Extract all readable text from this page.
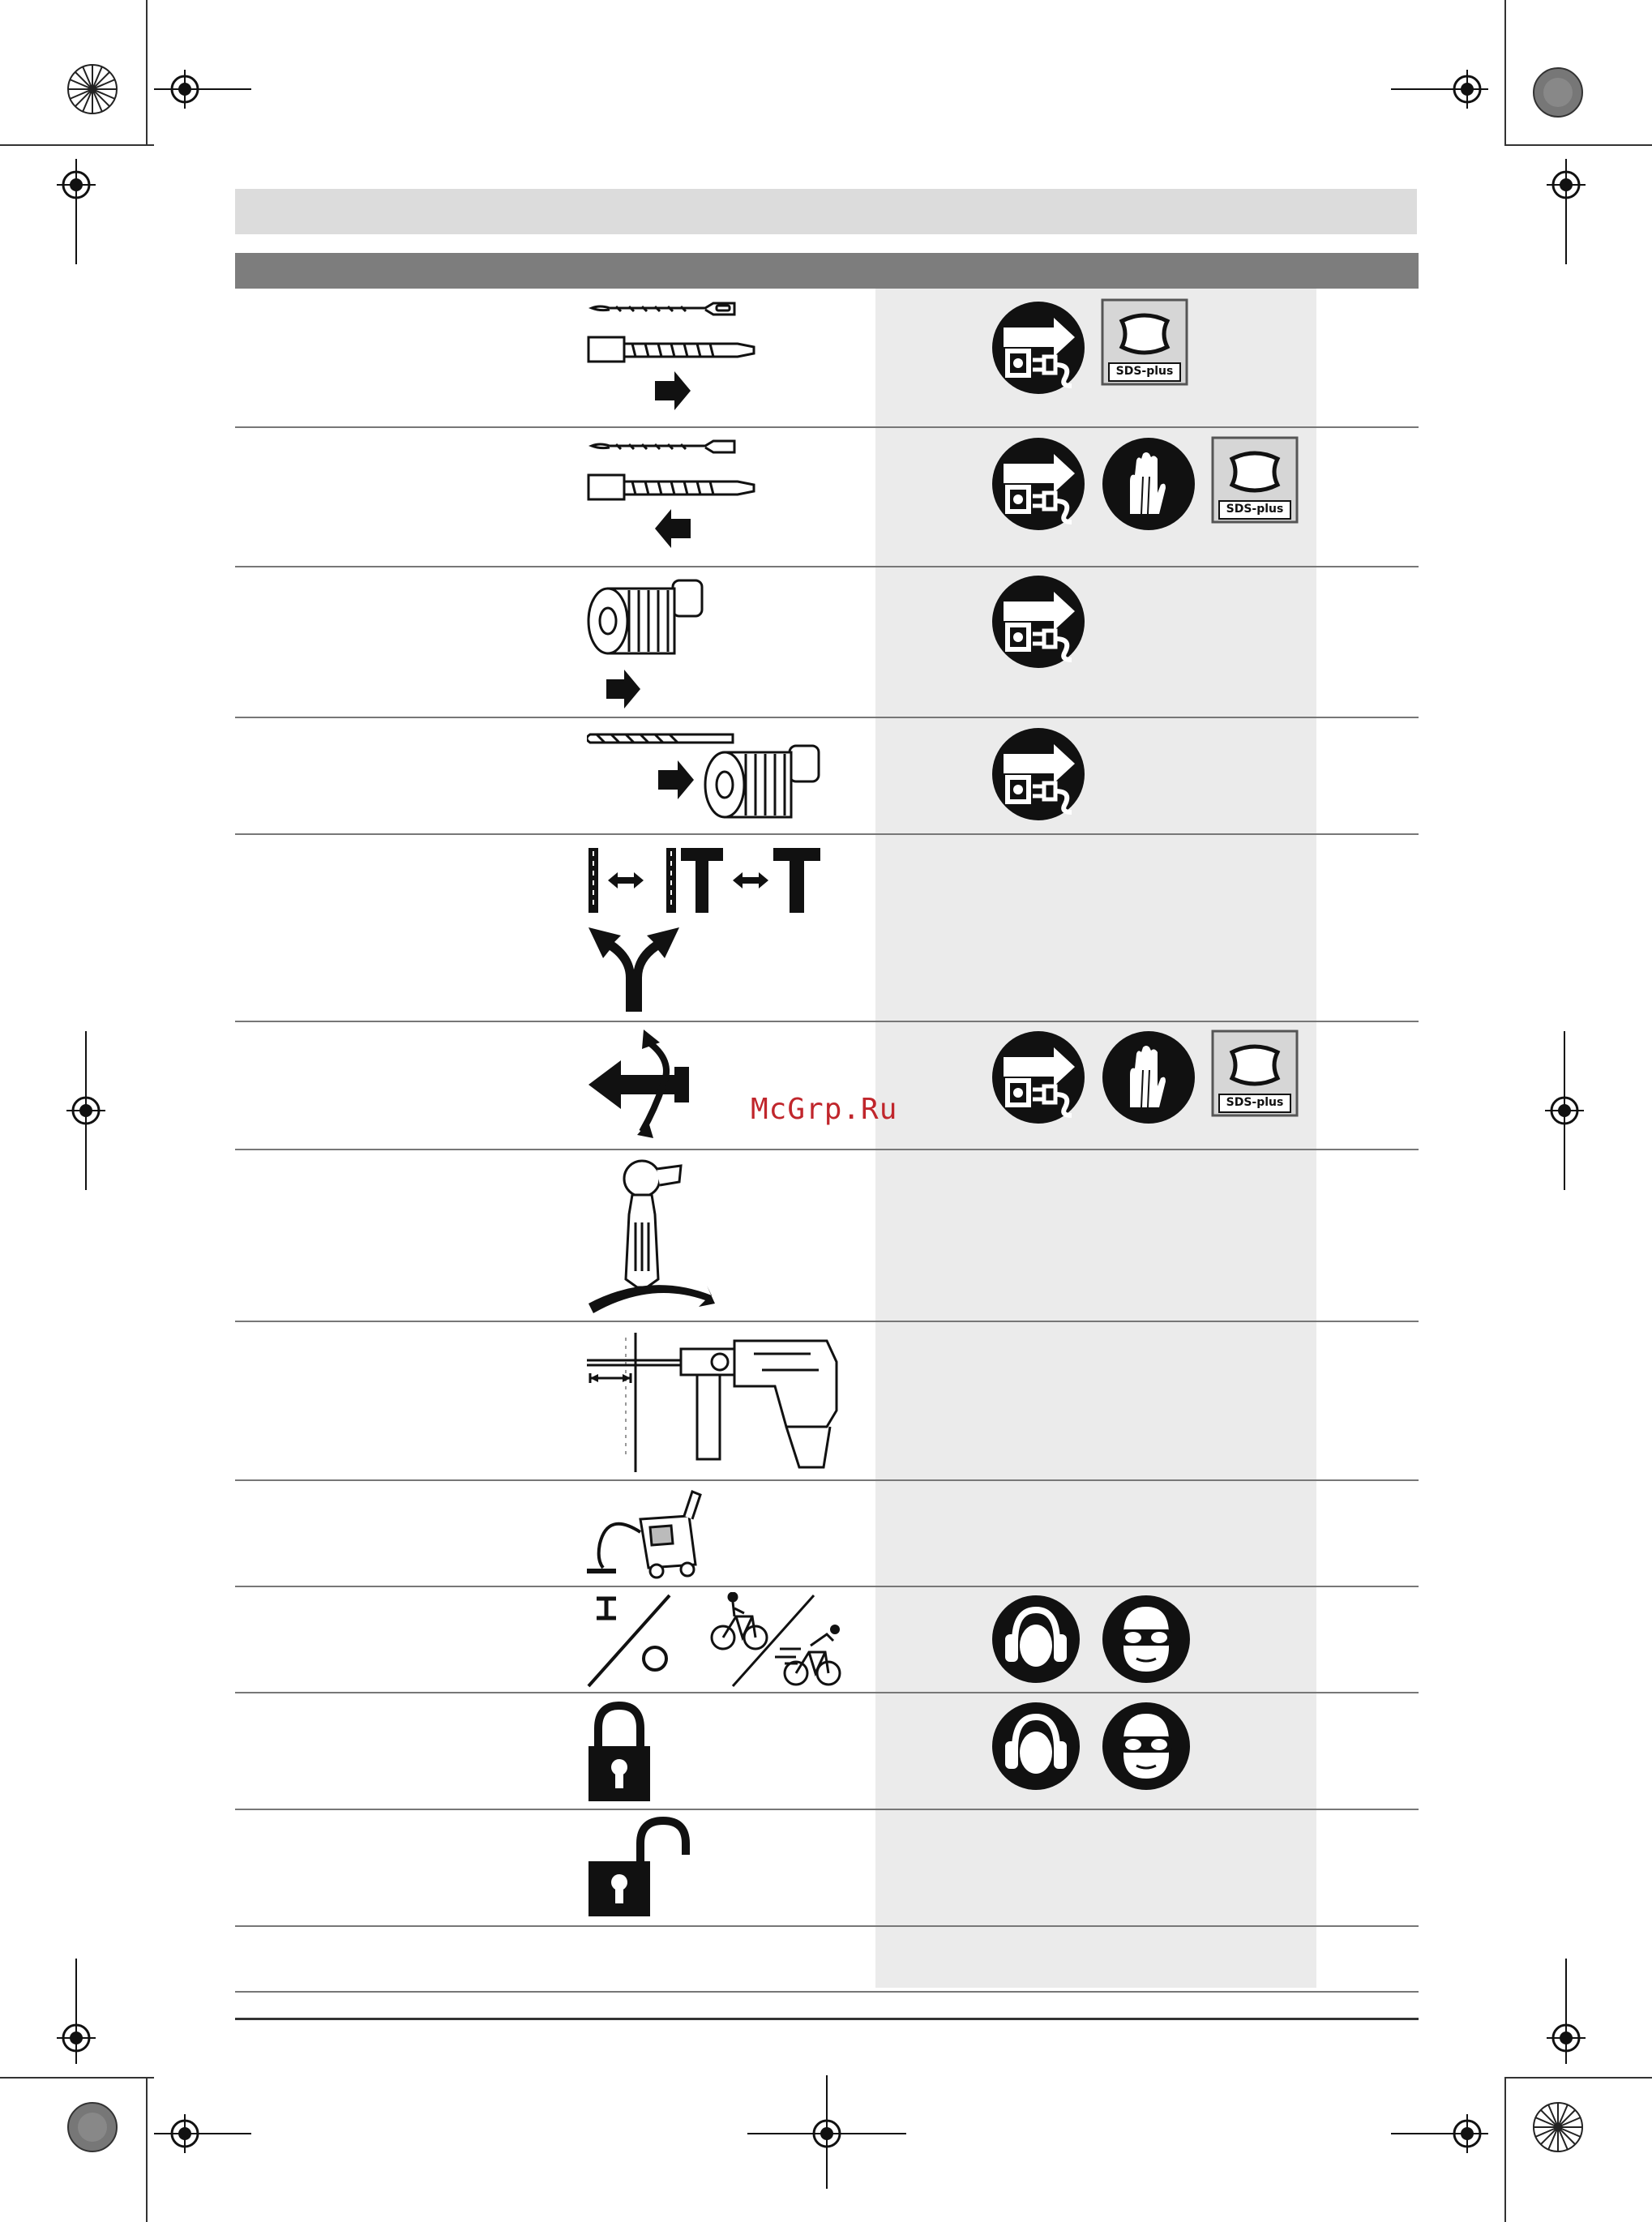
SDS-plus
SDS-plus
SDS-plus
McGrp.Ru
